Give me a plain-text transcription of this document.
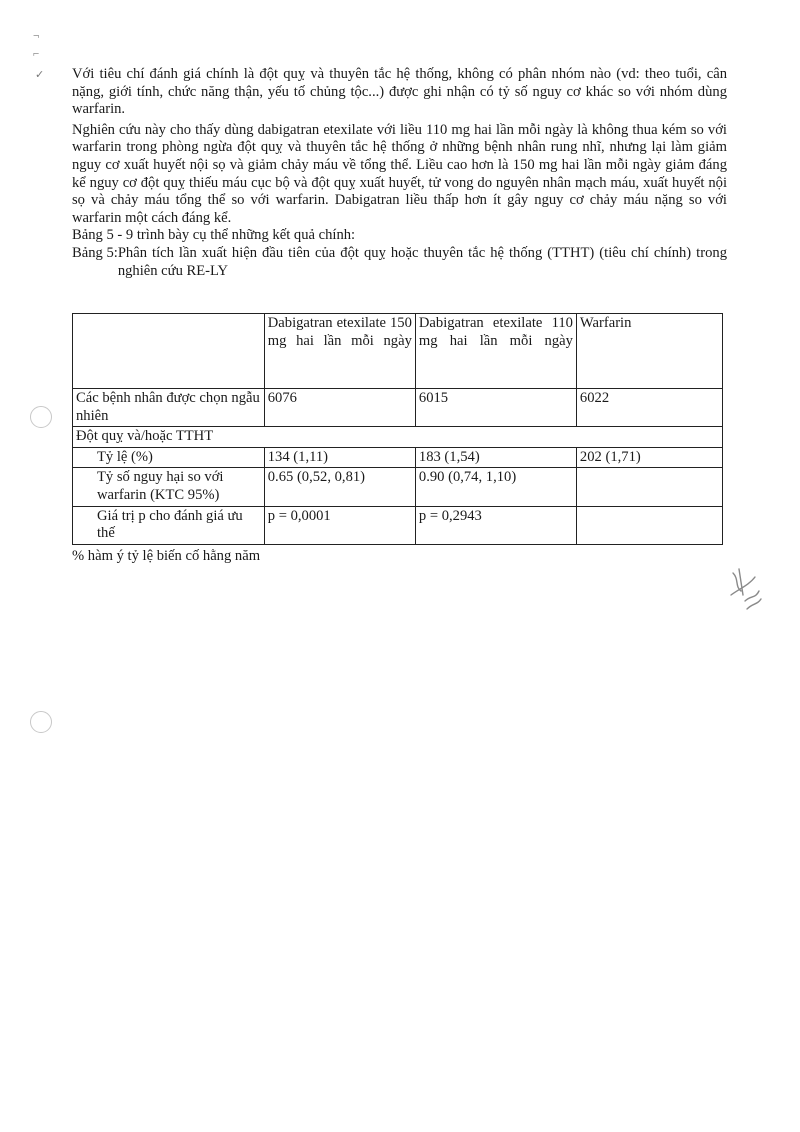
¬
⌐
✓ Với tiêu chí đánh giá chính là đột quỵ và thuyên tắc hệ thống, không có phân nhóm nào (vd: theo tuổi, cân nặng, giới tính, chức năng thận, yếu tố chủng tộc...) được ghi nhận có tỷ số nguy cơ khác so với nhóm dùng warfarin.

Nghiên cứu này cho thấy dùng dabigatran etexilate với liều 110 mg hai lần mỗi ngày là không thua kém so với warfarin trong phòng ngừa đột quỵ và thuyên tắc hệ thống ở những bệnh nhân rung nhĩ, nhưng lại làm giảm nguy cơ xuất huyết nội sọ và giảm chảy máu về tổng thể. Liều cao hơn là 150 mg hai lần mỗi ngày giảm đáng kể nguy cơ đột quỵ thiếu máu cục bộ và đột quỵ xuất huyết, tử vong do nguyên nhân mạch máu, xuất huyết nội sọ và chảy máu tổng thể so với warfarin. Dabigatran liều thấp hơn ít gây nguy cơ chảy máu nặng so với warfarin một cách đáng kể.

Bảng 5 - 9 trình bày cụ thể những kết quả chính:

Bảng 5: Phân tích lần xuất hiện đầu tiên của đột quỵ hoặc thuyên tắc hệ thống (TTHT) (tiêu chí chính) trong nghiên cứu RE-LY
	Dabigatran etexilate 150 mg hai lần mỗi ngày	Dabigatran etexilate 110 mg hai lần mỗi ngày	Warfarin
Các bệnh nhân được chọn ngẫu nhiên	6076	6015	6022
Đột quỵ và/hoặc TTHT			
Tỷ lệ (%)	134 (1,11)	183 (1,54)	202 (1,71)
Tỷ số nguy hại so với warfarin (KTC 95%)	0.65 (0,52, 0,81)	0.90 (0,74, 1,10)	
Giá trị p cho đánh giá ưu thế	p = 0,0001	p = 0,2943	
% hàm ý tỷ lệ biến cố hằng năm
